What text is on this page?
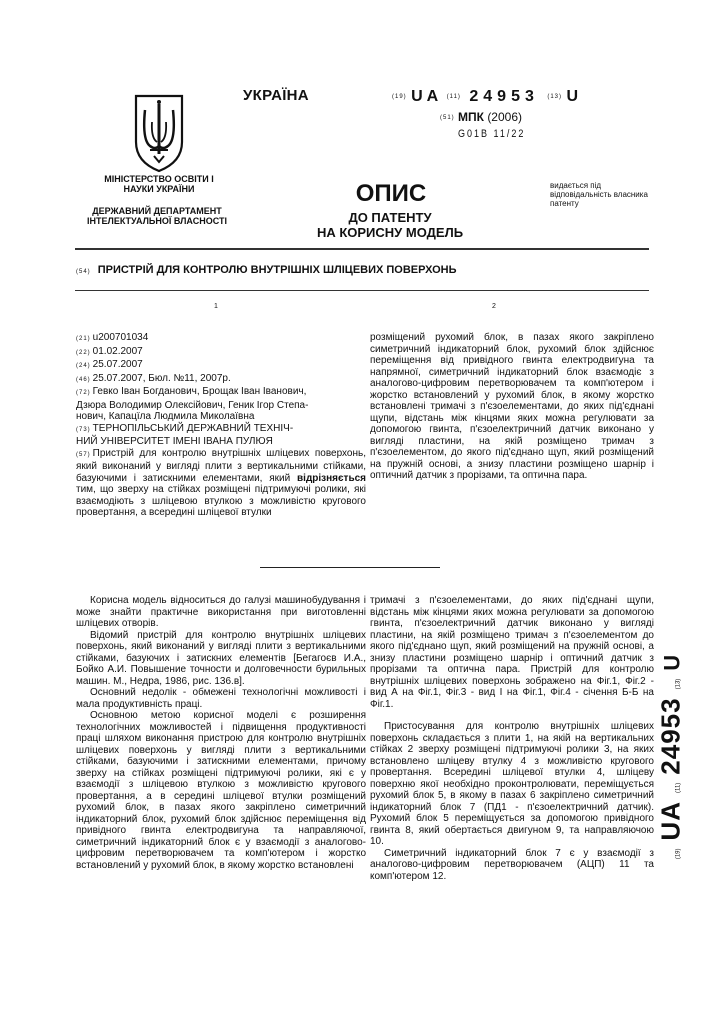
УКРАЇНА	(19) UA (11) 24953 (13) U
(51) МПК (2006)
G01B 11/22
МІНІСТЕРСТВО ОСВІТИ І НАУКИ УКРАЇНИ
ДЕРЖАВНИЙ ДЕПАРТАМЕНТ ІНТЕЛЕКТУАЛЬНОЇ ВЛАСНОСТІ
ОПИС
ДО ПАТЕНТУ
НА КОРИСНУ МОДЕЛЬ
видається під відповідальність власника патенту
(54) ПРИСТРІЙ ДЛЯ КОНТРОЛЮ ВНУТРІШНІХ ШЛІЦЕВИХ ПОВЕРХОНЬ
1	2
(21) u200701034
(22) 01.02.2007
(24) 25.07.2007
(46) 25.07.2007, Бюл. №11, 2007р.
(72) Гевко Іван Богданович, Брощак Іван Іванович,
Дзюра Володимир Олексійович, Геник Ігор Степа-
нович, Капацїла Людмила Миколаївна
(73) ТЕРНОПІЛЬСЬКИЙ ДЕРЖАВНИЙ ТЕХНІЧ-
НИЙ УНІВЕРСИТЕТ ІМЕНІ ІВАНА ПУЛЮЯ
(57) Пристрій для контролю внутрішніх шліцевих поверхонь, який виконаний у вигляді плити з вертикальними стійками, базуючими і затискними елементами, який відрізняється тим, що зверху на стійках розміщені підтримуючі ролики, які взаємодіють з шліцевою втулкою з можливістю кругового провертання, а всередині шліцевої втулки
розміщений рухомий блок, в пазах якого закріплено симетричний індикаторний блок, рухомий блок здійснює переміщення від привідного гвинта електродвигуна та напрямної, симетричний індикаторний блок взаємодіє з аналогово-цифровим перетворювачем та комп'ютером і жорстко встановлений у рухомий блок, в якому жорстко встановлені тримачі з п'єзоелементами, до яких під'єднані щупи, відстань між кінцями яких можна регулювати за допомогою гвинта, п'єзоелектричний датчик виконано у вигляді пластини, на якій розміщено тримач з п'єзоелементом, до якого під'єднано щуп, який розміщений на пружній основі, а знизу пластини розміщено шарнір і оптичний датчик з прорізами, та оптична пара.

Корисна модель відноситься до галузі машинобудування і може знайти практичне використання при виготовленні шліцевих отворів.

Відомий пристрій для контролю внутрішніх шліцевих поверхонь, який виконаний у вигляді плити з вертикальними стійками, базуючих і затискних елементів [Бегагоєв И.А., Бойко А.И. Повышение точности и долговечности бурильных машин. М., Недра, 1986, рис. 136.в].

Основний недолік - обмежені технологічні можливості і мала продуктивність праці.

Основною метою корисної моделі є розширення технологічних можливостей і підвищення продуктивності праці шляхом виконання пристрою для контролю внутрішніх шліцевих поверхонь у вигляді плити з вертикальними стійками, базуючими і затискними елементами, причому зверху на стійках розміщені підтримуючі ролики, які є у взаємодії з шліцевою втулкою з можливістю кругового провертання, а в середині шліцевої втулки розміщений рухомий блок, в пазах якого закріплено симетричний індикаторний блок, рухомий блок здійснює переміщення від привідного гвинта електродвигуна та направляючої, симетричний індикаторний блок є у взаємодії з аналогово-цифровим перетворювачем та комп'ютером і жорстко встановлений у рухомий блок, в якому жорстко встановлені

тримачі з п'єзоелементами, до яких під'єднані щупи, відстань між кінцями яких можна регулювати за допомогою гвинта, п'єзоелектричний датчик виконано у вигляді пластини, на якій розміщено тримач з п'єзоелементом до якого під'єднано щуп, який розміщений на пружній основі, а знизу пластини розміщено шарнір і оптичний датчик з прорізами та оптична пара. Пристрій для контролю внутрішніх шліцевих поверхонь зображено на Фіг.1, Фіг.2 - вид А на Фіг.1, Фіг.3 - вид І на Фіг.1, Фіг.4 - січення Б-Б на Фіг.1.

Пристосування для контролю внутрішніх шліцевих поверхонь складається з плити 1, на якій на вертикальних стійках 2 зверху розміщені підтримуючі ролики 3, на яких встановлено шліцеву втулку 4 з можливістю кругового провертання. Всередині шліцевої втулки 4, шліцеву поверхню якої необхідно проконтролювати, переміщується рухомий блок 5, в якому в пазах 6 закріплено симетричний індикаторний блок 7 (ПД1 - п'єзоелектричний датчик). Рухомий блок 5 переміщується за допомогою привідного гвинта 8, який обертається двигуном 9, та направляючою 10.

Симетричний індикаторний блок 7 є у взаємодії з аналогово-цифровим перетворювачем (АЦП) 11 та комп'ютером 12.

(19)UA(11)24953(13)U
